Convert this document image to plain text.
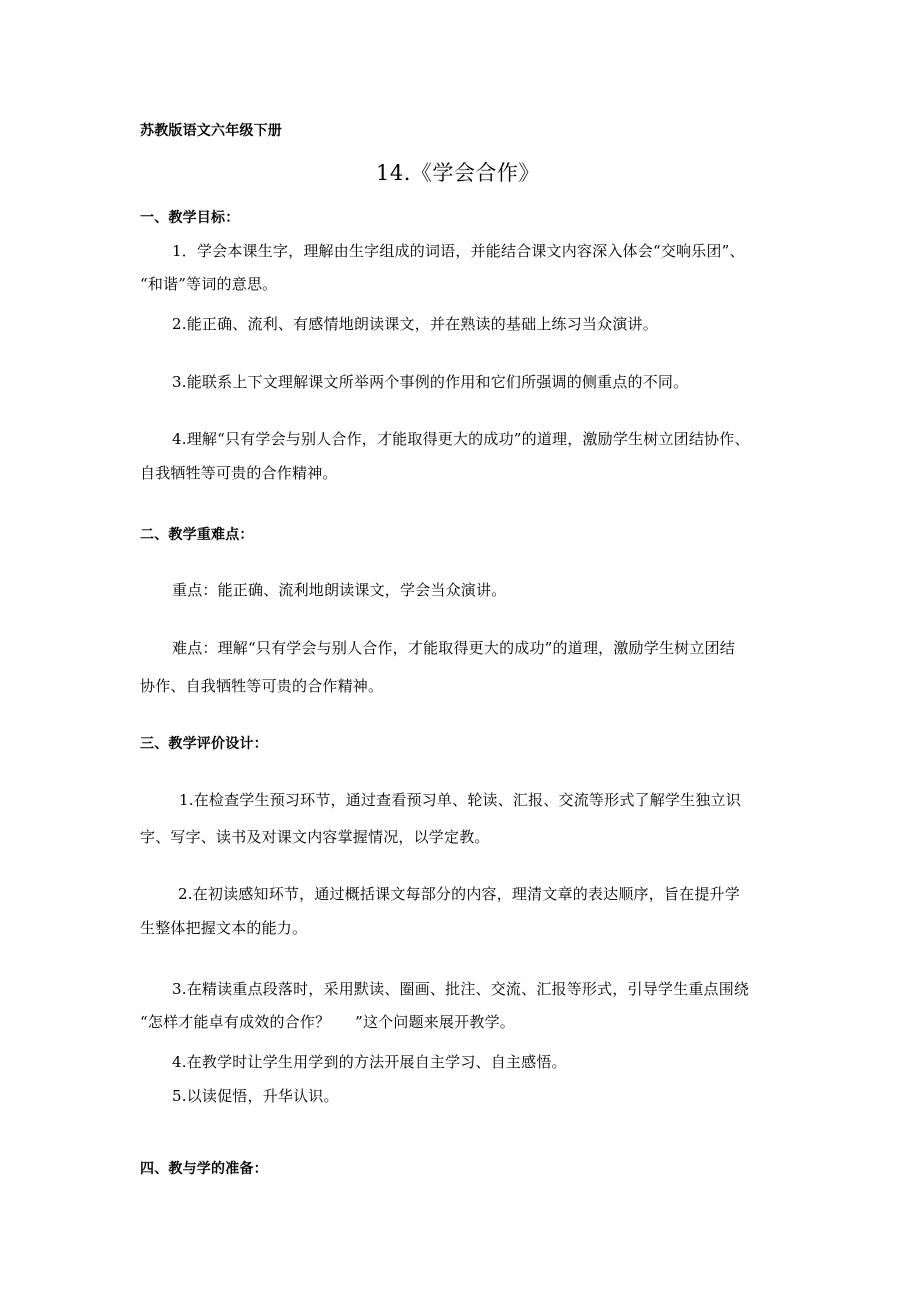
苏教版语文六年级下册
14.《学会合作》
一、教学目标：
1．学会本课生字，理解由生字组成的词语，并能结合课文内容深入体会“交响乐团”、
“和谐”等词的意思。
2.能正确、流利、有感情地朗读课文，并在熟读的基础上练习当众演讲。
3.能联系上下文理解课文所举两个事例的作用和它们所强调的侧重点的不同。
4.理解“只有学会与别人合作，才能取得更大的成功”的道理，激励学生树立团结协作、
自我牺牲等可贵的合作精神。
二、教学重难点：
重点：能正确、流利地朗读课文，学会当众演讲。
难点：理解“只有学会与别人合作，才能取得更大的成功”的道理，激励学生树立团结
协作、自我牺牲等可贵的合作精神。
三、教学评价设计：
1.在检查学生预习环节，通过查看预习单、轮读、汇报、交流等形式了解学生独立识
字、写字、读书及对课文内容掌握情况，以学定教。
2.在初读感知环节，通过概括课文每部分的内容，理清文章的表达顺序，旨在提升学
生整体把握文本的能力。
3.在精读重点段落时，采用默读、圈画、批注、交流、汇报等形式，引导学生重点围绕
“怎样才能卓有成效的合作？     ”这个问题来展开教学。
4.在教学时让学生用学到的方法开展自主学习、自主感悟。
5.以读促悟，升华认识。
四、教与学的准备：
